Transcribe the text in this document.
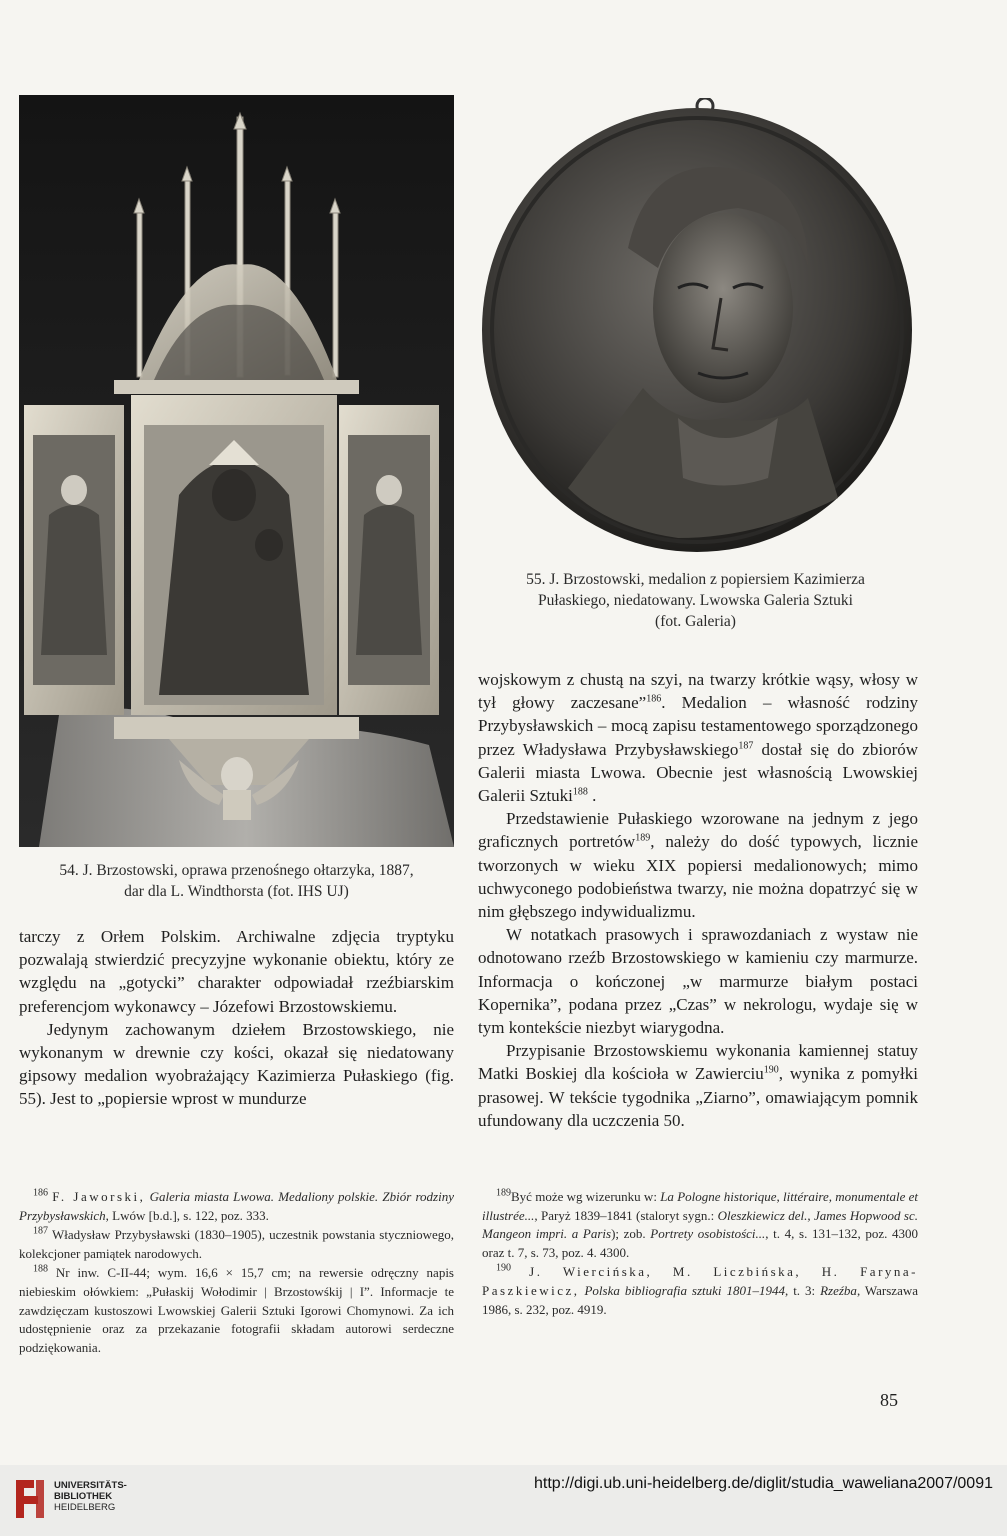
54. J. Brzostowski, oprawa przenośnego ołtarzyka, 1887,
dar dla L. Windthorsta (fot. IHS UJ)
55. J. Brzostowski, medalion z popiersiem Kazimierza
Pułaskiego, niedatowany. Lwowska Galeria Sztuki
(fot. Galeria)

tarczy z Orłem Polskim. Archiwalne zdjęcia tryptyku pozwalają stwierdzić precyzyjne wykonanie obiektu, który ze względu na „gotycki” charakter odpowiadał rzeźbiarskim preferencjom wykonawcy – Józefowi Brzostowskiemu.

Jedynym zachowanym dziełem Brzostowskiego, nie wykonanym w drewnie czy kości, okazał się niedatowany gipsowy medalion wyobrażający Kazimierza Pułaskiego (fig. 55). Jest to „popiersie wprost w mundurze

wojskowym z chustą na szyi, na twarzy krótkie wąsy, włosy w tył głowy zaczesane”$^{186}$. Medalion – własność rodziny Przybysławskich – mocą zapisu testamentowego sporządzonego przez Władysława Przybysławskiego$^{187}$ dostał się do zbiorów Galerii miasta Lwowa. Obecnie jest własnością Lwowskiej Galerii Sztuki$^{188}$ .

Przedstawienie Pułaskiego wzorowane na jednym z jego graficznych portretów$^{189}$, należy do dość typowych, licznie tworzonych w wieku XIX popiersi medalionowych; mimo uchwyconego podobieństwa twarzy, nie można dopatrzyć się w nim głębszego indywidualizmu.

W notatkach prasowych i sprawozdaniach z wystaw nie odnotowano rzeźb Brzostowskiego w kamieniu czy marmurze. Informacja o kończonej „w marmurze białym postaci Kopernika”, podana przez „Czas” w nekrologu, wydaje się w tym kontekście niezbyt wiarygodna.

Przypisanie Brzostowskiemu wykonania kamiennej statuy Matki Boskiej dla kościoła w Zawierciu$^{190}$, wynika z pomyłki prasowej. W tekście tygodnika „Ziarno”, omawiającym pomnik ufundowany dla uczczenia 50.

$^{186}$ F. Jaworski, Galeria miasta Lwowa. Medaliony polskie. Zbiór rodziny Przybysławskich, Lwów [b.d.], s. 122, poz. 333.

$^{187}$ Władysław Przybysławski (1830–1905), uczestnik powstania styczniowego, kolekcjoner pamiątek narodowych.

$^{188}$ Nr inw. C-II-44; wym. 16,6 × 15,7 cm; na rewersie odręczny napis niebieskim ołówkiem: „Pułaskij Wołodimir | Brzostowśkij | I”. Informacje te zawdzięczam kustoszowi Lwowskiej Galerii Sztuki Igorowi Chomynowi. Za ich udostępnienie oraz za przekazanie fotografii składam autorowi serdeczne podziękowania.

$^{189}$Być może wg wizerunku w: La Pologne historique, littéraire, monumentale et illustrée..., Paryż 1839–1841 (staloryt sygn.: Oleszkiewicz del., James Hopwood sc. Mangeon impri. a Paris); zob. Portrety osobistości..., t. 4, s. 131–132, poz. 4300 oraz t. 7, s. 73, poz. 4. 4300.

$^{190}$ J. Wiercińska, M. Liczbińska, H. Faryna-Paszkiewicz, Polska bibliografia sztuki 1801–1944, t. 3: Rzeźba, Warszawa 1986, s. 232, poz. 4919.

85
UNIVERSITÄTS-
BIBLIOTHEK
HEIDELBERG
http://digi.ub.uni-heidelberg.de/diglit/studia_waweliana2007/0091
